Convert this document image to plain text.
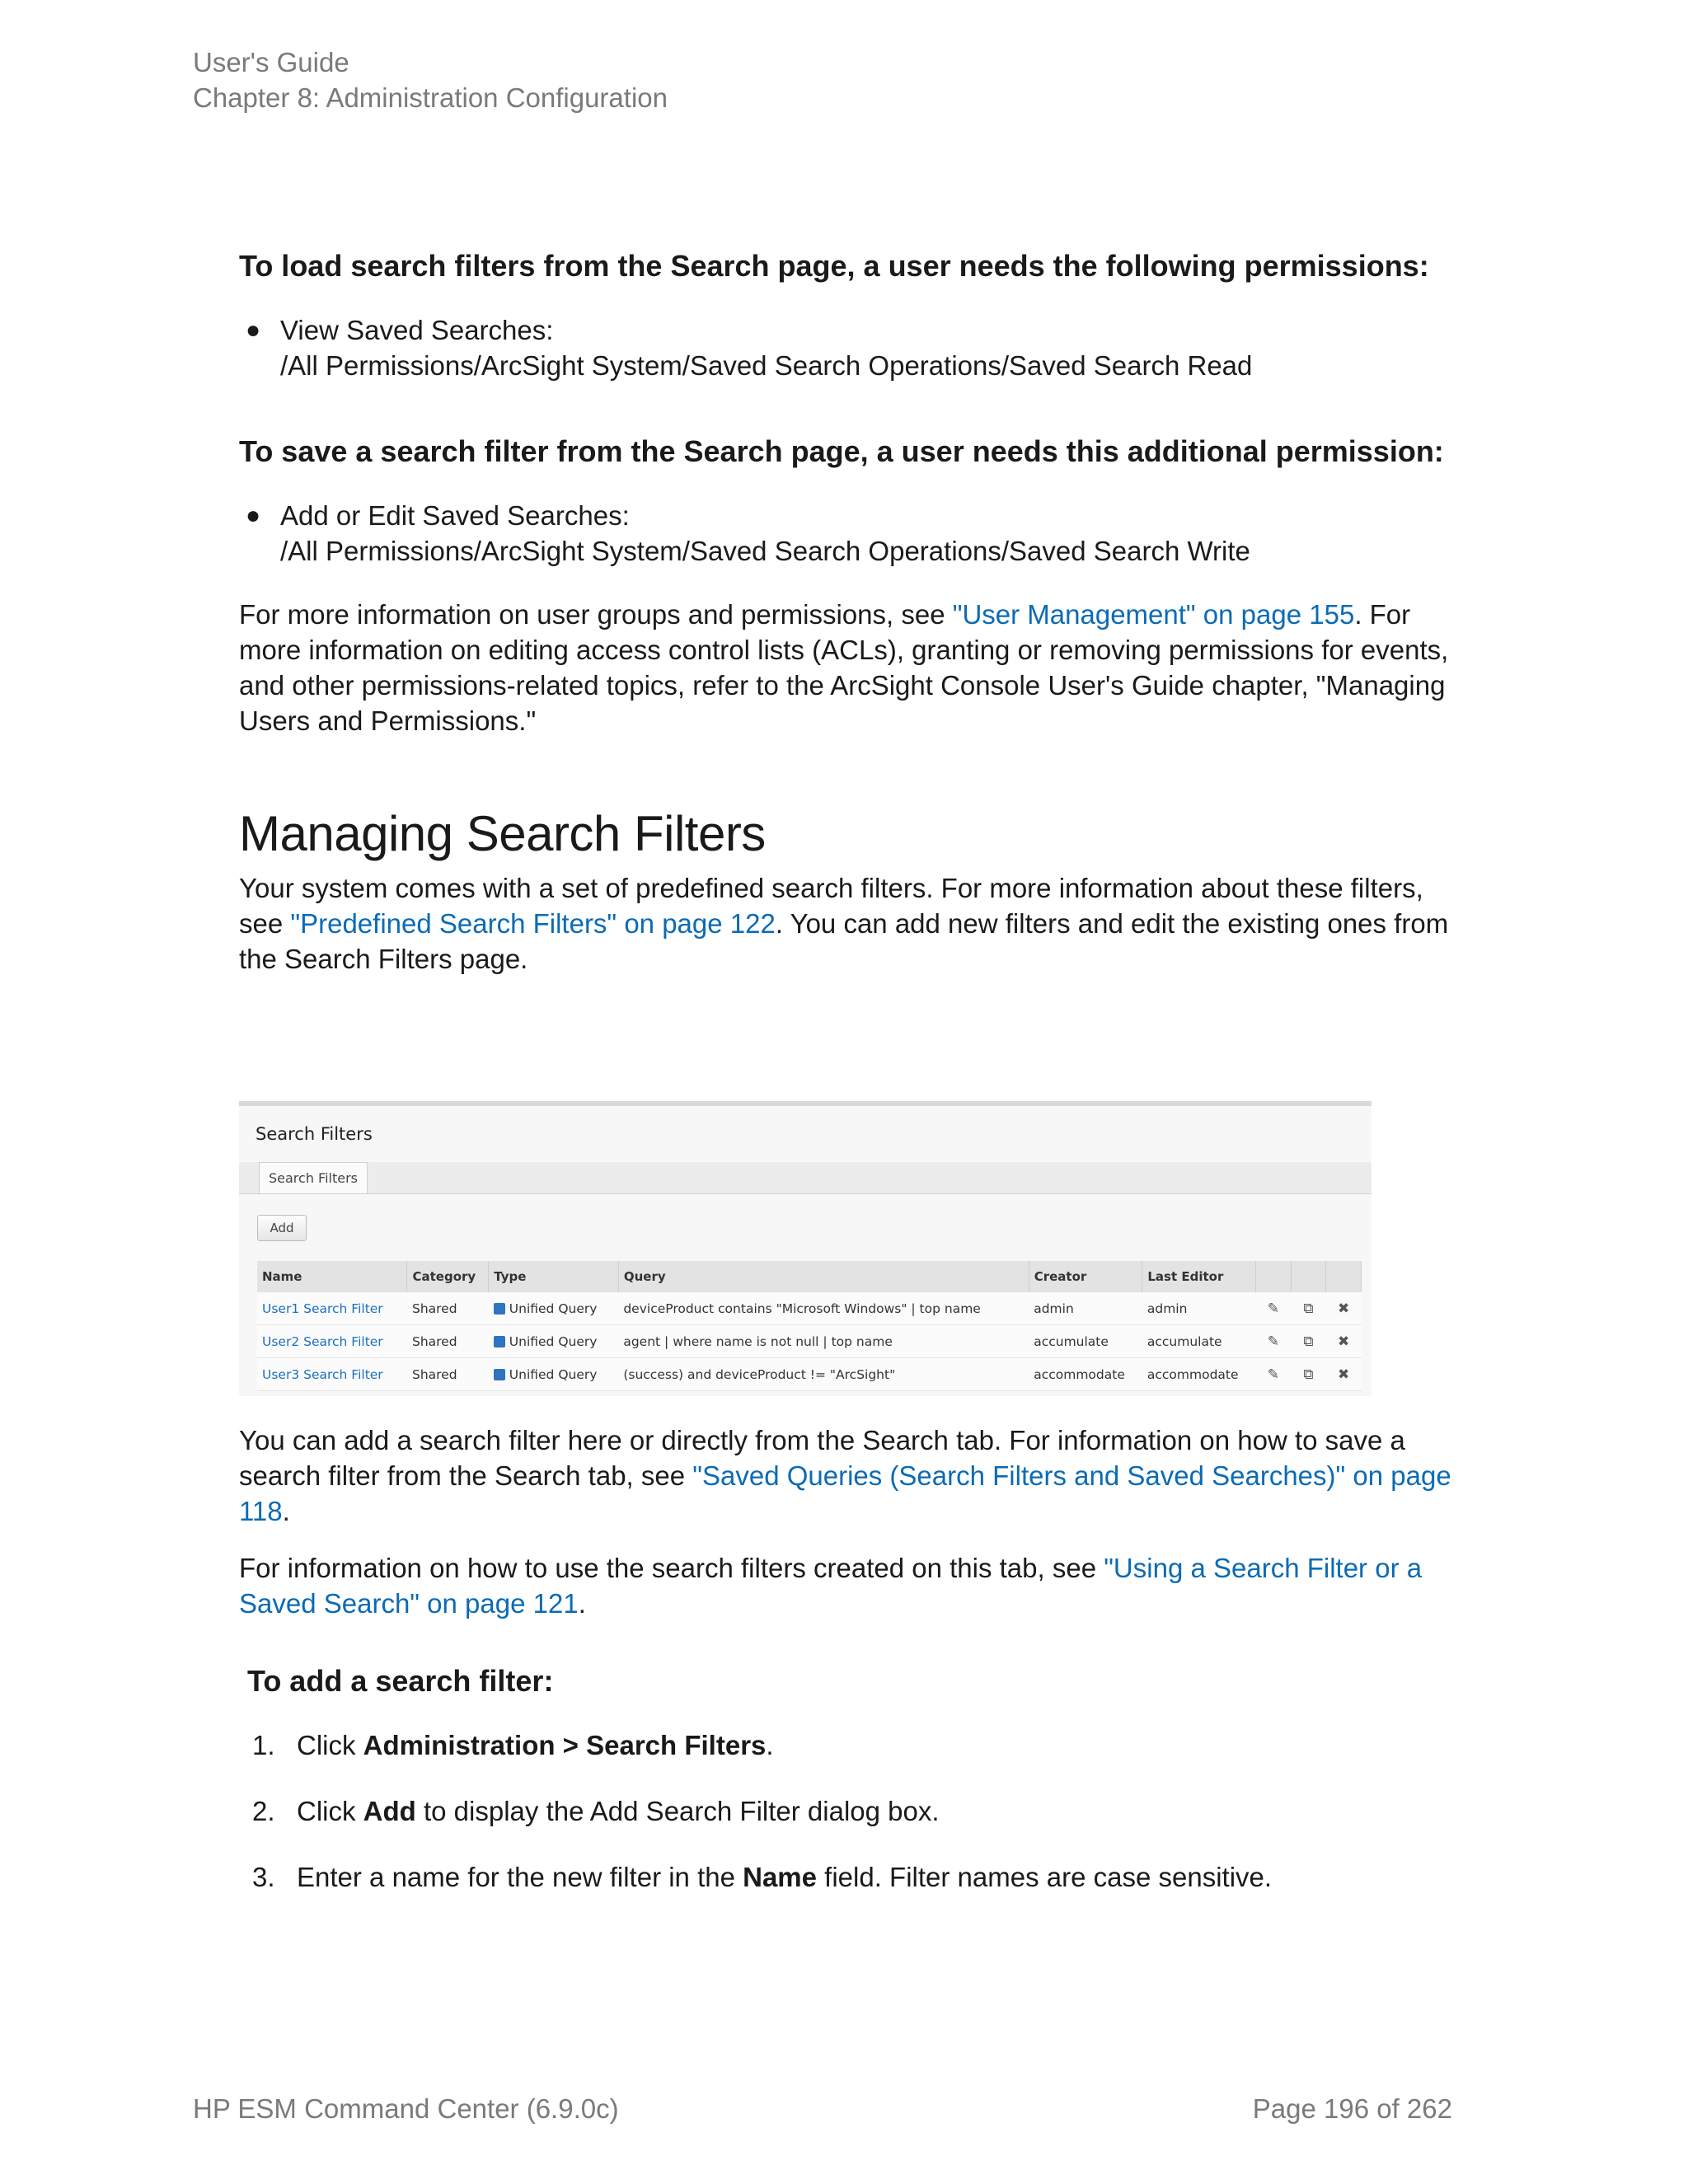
User's Guide
Chapter 8: Administration Configuration
To load search filters from the Search page, a user needs the following permissions:
● View Saved Searches:
/All Permissions/ArcSight System/Saved Search Operations/Saved Search Read
To save a search filter from the Search page, a user needs this additional permission:
● Add or Edit Saved Searches:
/All Permissions/ArcSight System/Saved Search Operations/Saved Search Write

For more information on user groups and permissions, see "User Management" on page 155. For more information on editing access control lists (ACLs), granting or removing permissions for events, and other permissions-related topics, refer to the ArcSight Console User's Guide chapter, "Managing Users and Permissions."

Managing Search Filters

Your system comes with a set of predefined search filters. For more information about these filters, see "Predefined Search Filters" on page 122. You can add new filters and edit the existing ones from the Search Filters page.

Search Filters
Search Filters
Add
Name	Category	Type	Query	Creator	Last Editor			
User1 Search Filter	Shared	Unified Query	deviceProduct contains "Microsoft Windows" | top name	admin	admin	✎	⧉	✖
User2 Search Filter	Shared	Unified Query	agent | where name is not null | top name	accumulate	accumulate	✎	⧉	✖
User3 Search Filter	Shared	Unified Query	(success) and deviceProduct != "ArcSight"	accommodate	accommodate	✎	⧉	✖

You can add a search filter here or directly from the Search tab. For information on how to save a search filter from the Search tab, see "Saved Queries (Search Filters and Saved Searches)" on page 118.

For information on how to use the search filters created on this tab, see "Using a Search Filter or a Saved Search" on page 121.

To add a search filter:
1. Click Administration > Search Filters.
2. Click Add to display the Add Search Filter dialog box.
3. Enter a name for the new filter in the Name field. Filter names are case sensitive.
HP ESM Command Center (6.9.0c)	Page 196 of 262
